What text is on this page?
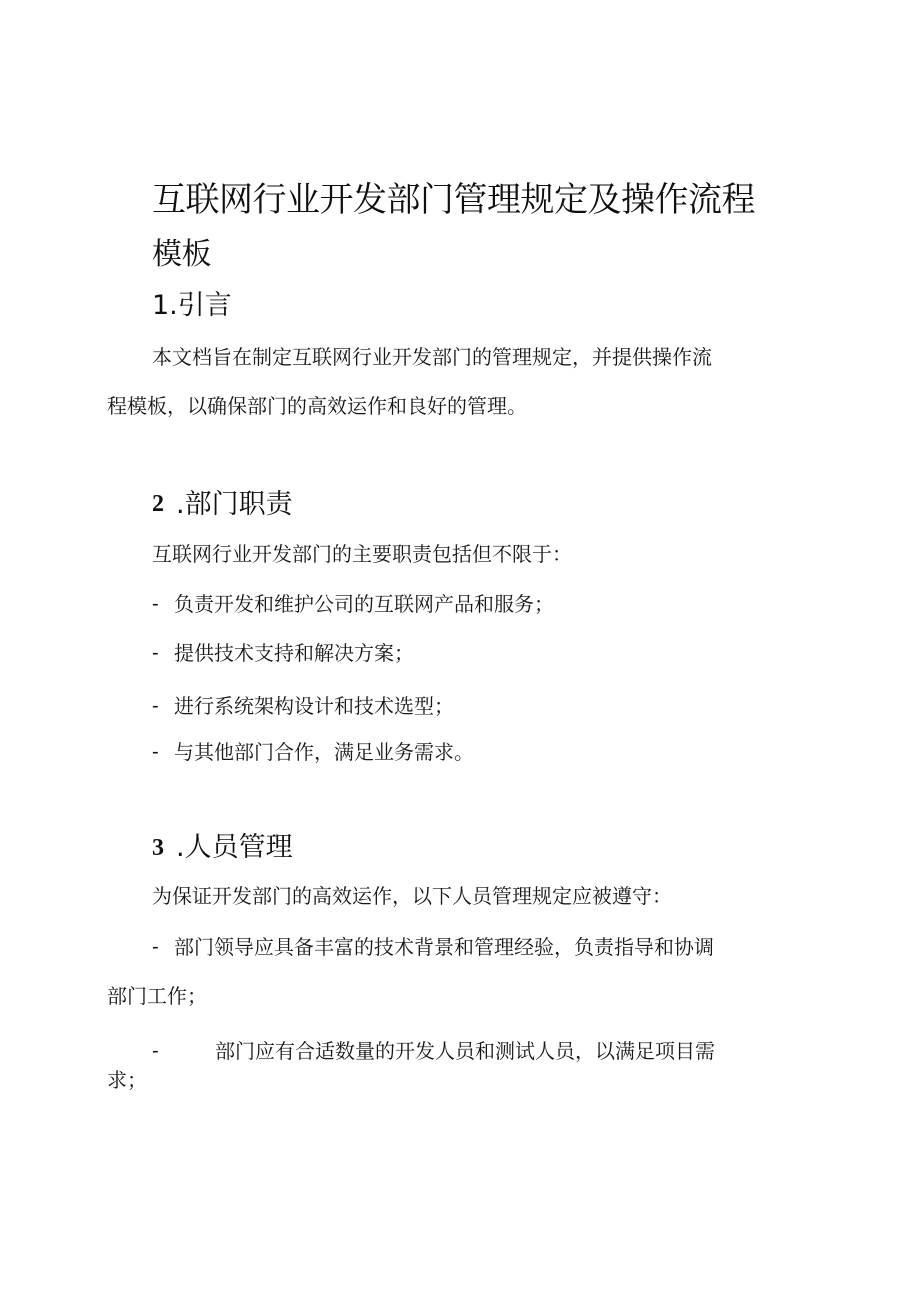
互联网行业开发部门管理规定及操作流程
模板
1.引言
本文档旨在制定互联网行业开发部门的管理规定，并提供操作流
程模板，以确保部门的高效运作和良好的管理。
2 .部门职责
互联网行业开发部门的主要职责包括但不限于：
- 负责开发和维护公司的互联网产品和服务；
- 提供技术支持和解决方案；
- 进行系统架构设计和技术选型；
- 与其他部门合作，满足业务需求。
3 .人员管理
为保证开发部门的高效运作，以下人员管理规定应被遵守：
- 部门领导应具备丰富的技术背景和管理经验，负责指导和协调
部门工作；
-	部门应有合适数量的开发人员和测试人员，以满足项目需
求；
